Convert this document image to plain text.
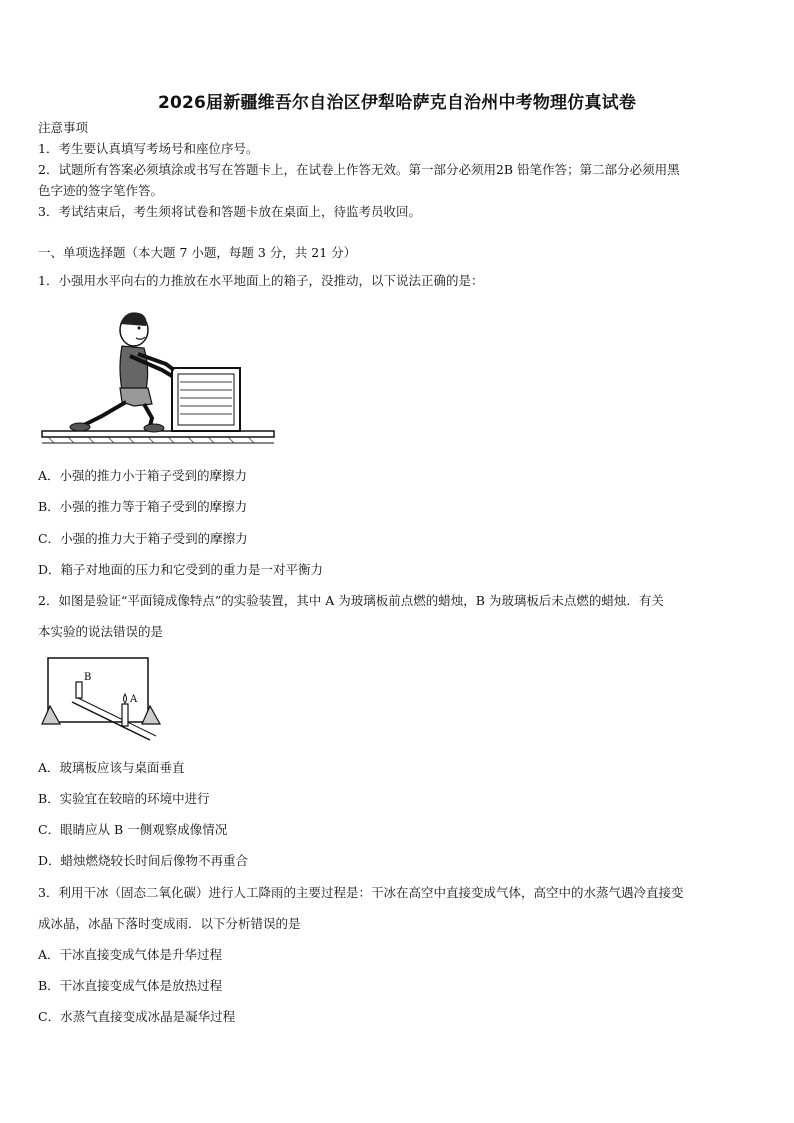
2026届新疆维吾尔自治区伊犁哈萨克自治州中考物理仿真试卷
注意事项
1．考生要认真填写考场号和座位序号。
2．试题所有答案必须填涂或书写在答题卡上，在试卷上作答无效。第一部分必须用2B 铅笔作答；第二部分必须用黑
色字迹的签字笔作答。
3．考试结束后，考生须将试卷和答题卡放在桌面上，待监考员收回。
一、单项选择题（本大题 7 小题，每题 3 分，共 21 分）
1．小强用水平向右的力推放在水平地面上的箱子，没推动，以下说法正确的是：
A．小强的推力小于箱子受到的摩擦力
B．小强的推力等于箱子受到的摩擦力
C．小强的推力大于箱子受到的摩擦力
D．箱子对地面的压力和它受到的重力是一对平衡力
2．如图是验证“平面镜成像特点”的实验装置，其中 A 为玻璃板前点燃的蜡烛，B 为玻璃板后未点燃的蜡烛．有关
本实验的说法错误的是
B
A
A．玻璃板应该与桌面垂直
B．实验宜在较暗的环境中进行
C．眼睛应从 B 一侧观察成像情况
D．蜡烛燃烧较长时间后像物不再重合
3．利用干冰（固态二氧化碳）进行人工降雨的主要过程是：干冰在高空中直接变成气体，高空中的水蒸气遇冷直接变
成冰晶，冰晶下落时变成雨．以下分析错误的是
A．干冰直接变成气体是升华过程
B．干冰直接变成气体是放热过程
C．水蒸气直接变成冰晶是凝华过程
